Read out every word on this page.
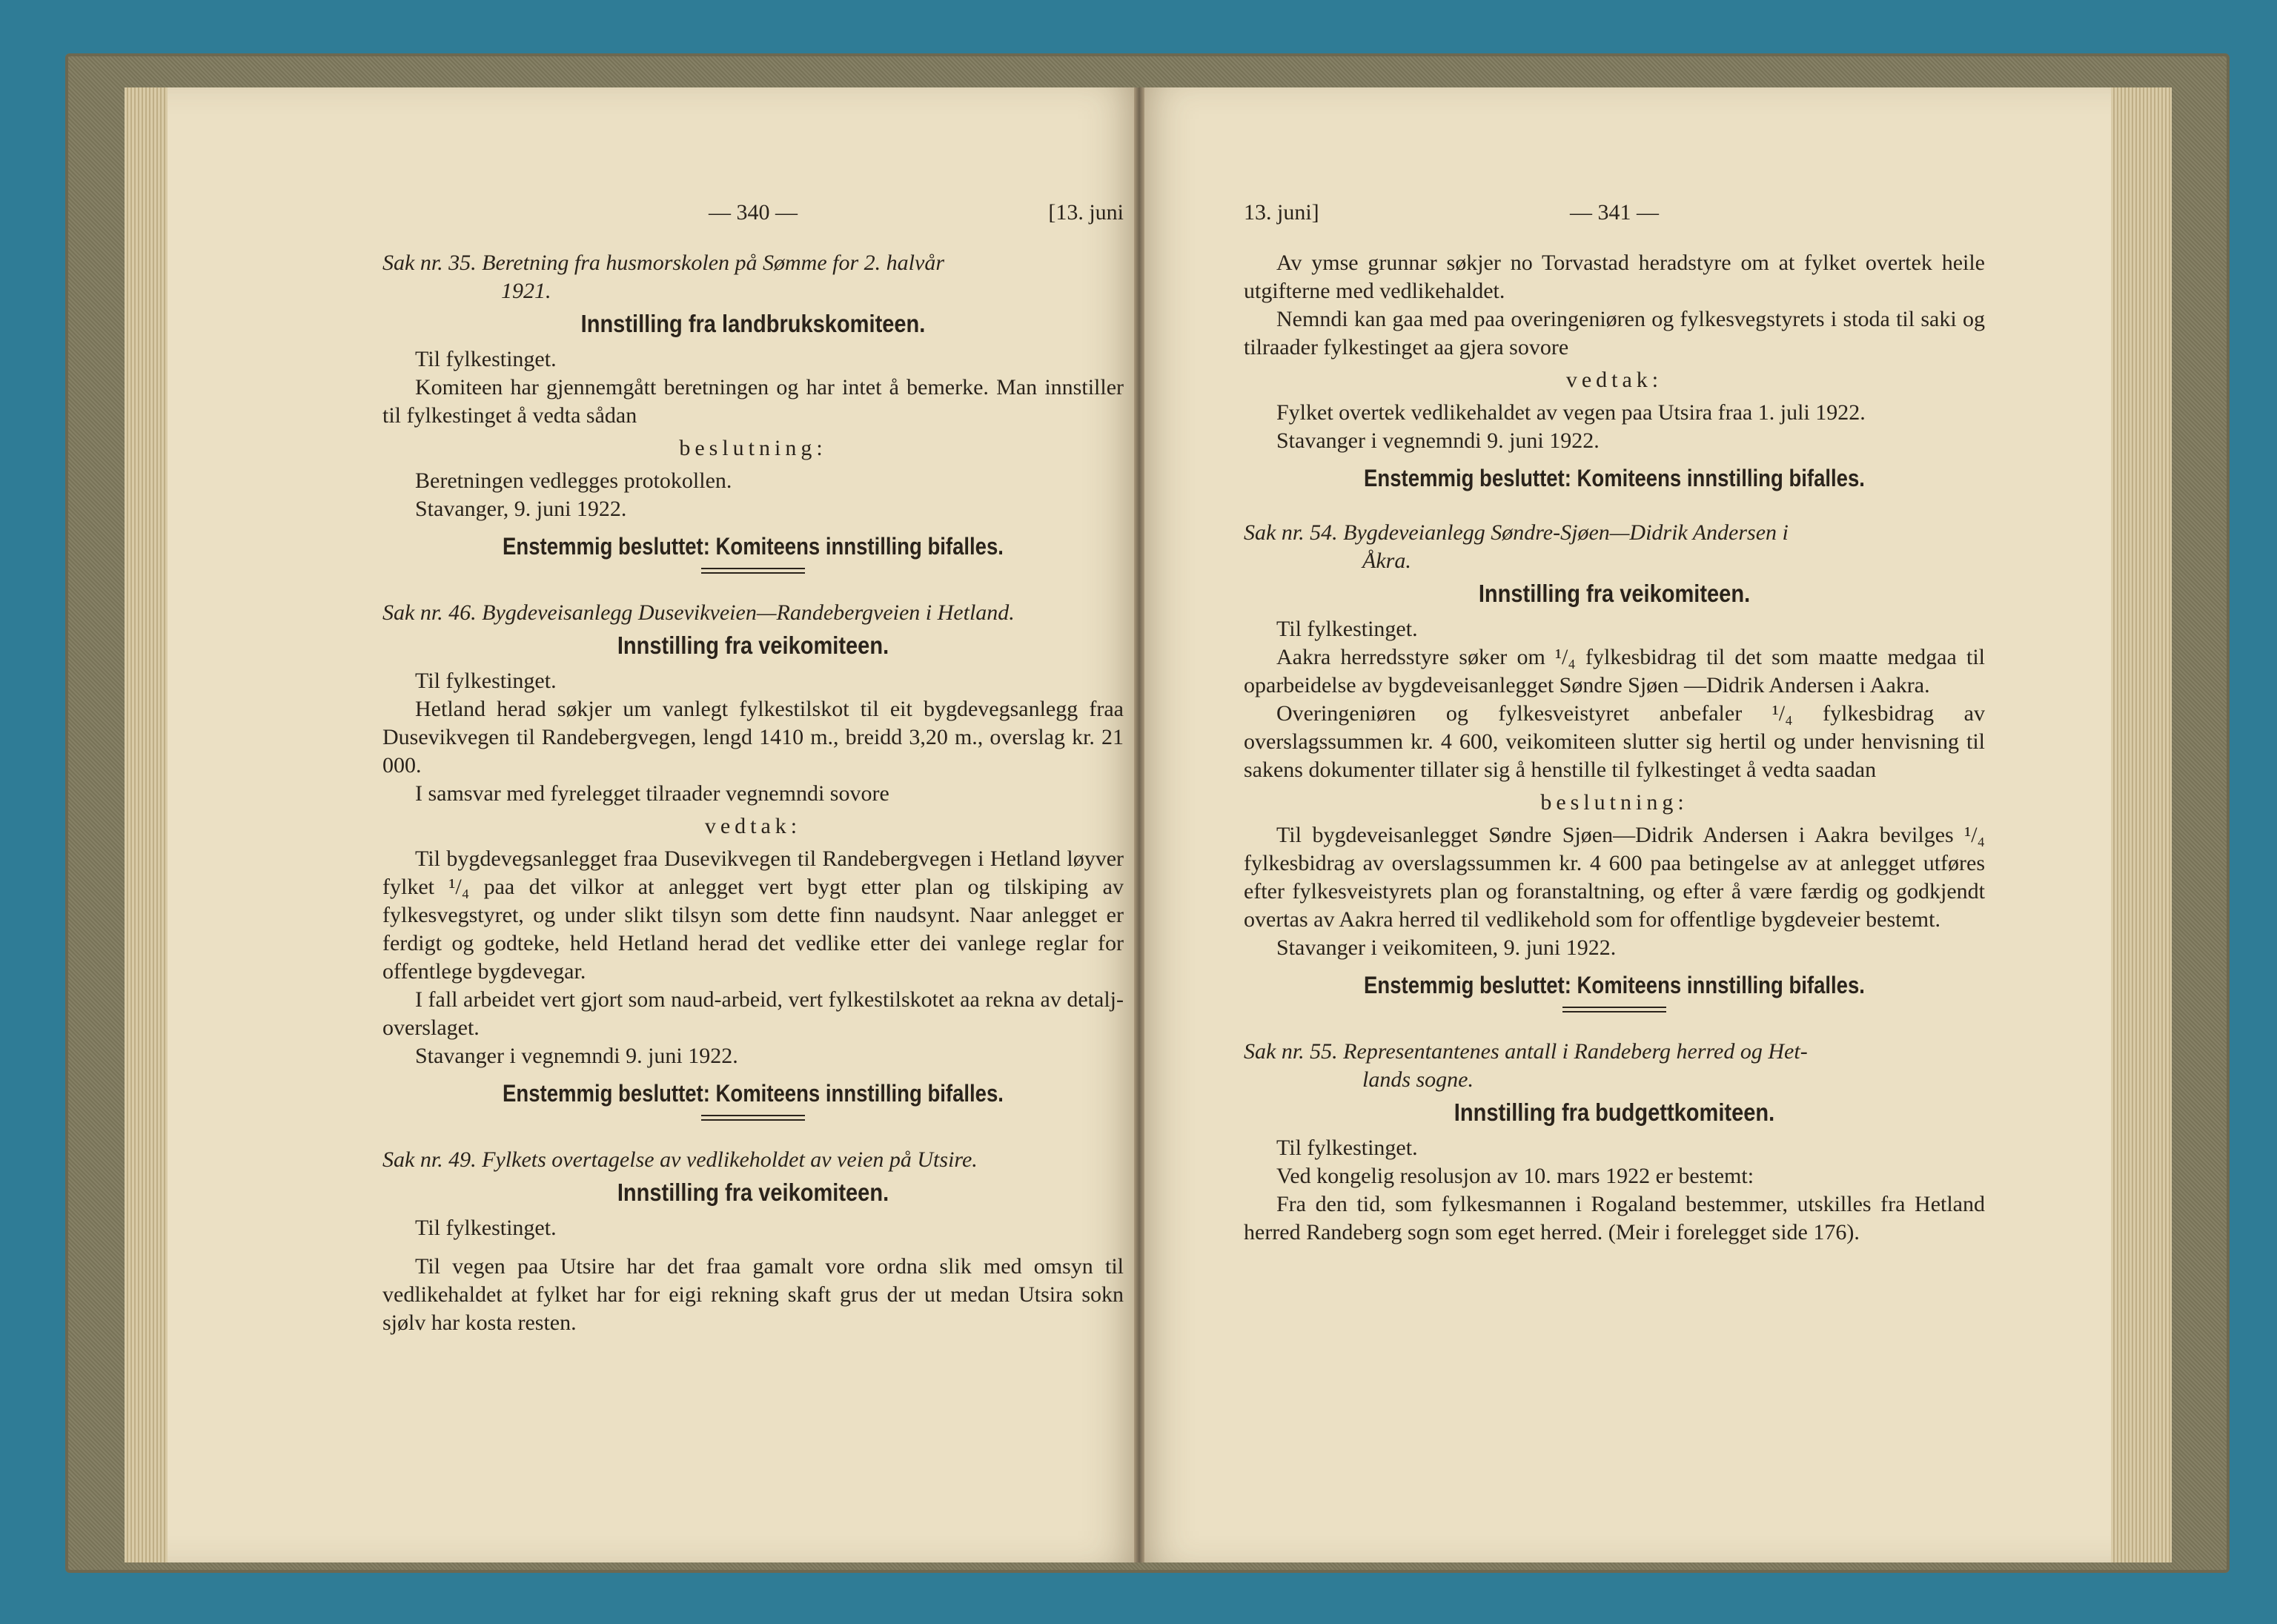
— 340 —	[13. juni

Sak nr. 35. Beretning fra husmorskolen på Sømme for 2. halvår
1921.

Innstilling fra landbrukskomiteen.

Til fylkestinget.

Komiteen har gjennemgått beretningen og har intet å bemerke. Man innstiller til fylkestinget å vedta sådan

beslutning:

Beretningen vedlegges protokollen.

Stavanger, 9. juni 1922.

Enstemmig beslutte​t: Komiteens innstilling bifalles.

Sak nr. 46. Bygdeveisanlegg Dusevikveien—Randebergveien i Hetland.

Innstilling fra veikomiteen.

Til fylkestinget.

Hetland herad søkjer um vanlegt fylkestilskot til eit bygdevegsanlegg fraa Dusevikvegen til Randebergvegen, lengd 1410 m., breidd 3,20 m., overslag kr. 21 000.

I samsvar med fyrelegget tilraader vegnemndi sovore

vedtak:

Til bygdevegsanlegget fraa Dusevikvegen til Randebergvegen i Hetland løyver fylket ¹/₄ paa det vilkor at anlegget vert bygt etter plan og tilskiping av fylkesvegstyret, og under slikt tilsyn som dette finn naudsynt. Naar anlegget er ferdigt og godteke, held Hetland herad det vedlike etter dei vanlege reglar for offentlege bygdevegar.

I fall arbeidet vert gjort som naud-arbeid, vert fylkestilskotet aa rekna av detalj-overslaget.

Stavanger i vegnemndi 9. juni 1922.

Enstemmig beslutte​t: Komiteens innstilling bifalles.

Sak nr. 49. Fylkets overtagelse av vedlikeholdet av veien på Utsire.

Innstilling fra veikomiteen.

Til fylkestinget.

Til vegen paa Utsire har det fraa gamalt vore ordna slik med omsyn til vedlikehaldet at fylket har for eigi rekning skaft grus der ut medan Utsira sokn sjølv har kosta resten.

13. juni]	— 341 —

Av ymse grunnar søkjer no Torvastad heradstyre om at fylket overtek heile utgifterne med vedlikehaldet.

Nemndi kan gaa med paa overingeniøren og fylkesvegstyrets i stoda til saki og tilraader fylkestinget aa gjera sovore

vedtak:

Fylket overtek vedlikehaldet av vegen paa Utsira fraa 1. juli 1922.

Stavanger i vegnemndi 9. juni 1922.

Enstemmig beslutte​t: Komiteens innstilling bifalles.

Sak nr. 54. Bygdeveianlegg Søndre-Sjøen—Didrik Andersen i
Åkra.

Innstilling fra veikomiteen.

Til fylkestinget.

Aakra herredsstyre søker om ¹/₄ fylkesbidrag til det som maatte medgaa til oparbeidelse av bygdeveisanlegget Søndre Sjøen —Didrik Andersen i Aakra.

Overingeniøren og fylkesveistyret anbefaler ¹/₄ fylkesbidrag av overslagssummen kr. 4 600, veikomiteen slutter sig hertil og under henvisning til sakens dokumenter tillater sig å henstille til fylkestinget å vedta saadan

beslutning:

Til bygdeveisanlegget Søndre Sjøen—Didrik Andersen i Aakra bevilges ¹/₄ fylkesbidrag av overslagssummen kr. 4 600 paa betingelse av at anlegget utføres efter fylkesveistyrets plan og foranstaltning, og efter å være færdig og godkjendt overtas av Aakra herred til vedlikehold som for offentlige bygdeveier bestemt.

Stavanger i veikomiteen, 9. juni 1922.

Enstemmig beslutte​t: Komiteens innstilling bifalles.

Sak nr. 55. Representantenes antall i Randeberg herred og Het-
lands sogne.

Innstilling fra budgettkomiteen.

Til fylkestinget.

Ved kongelig resolusjon av 10. mars 1922 er bestemt:

Fra den tid, som fylkesmannen i Rogaland bestemmer, utskilles fra Hetland herred Randeberg sogn som eget herred. (Meir i forelegget side 176).
